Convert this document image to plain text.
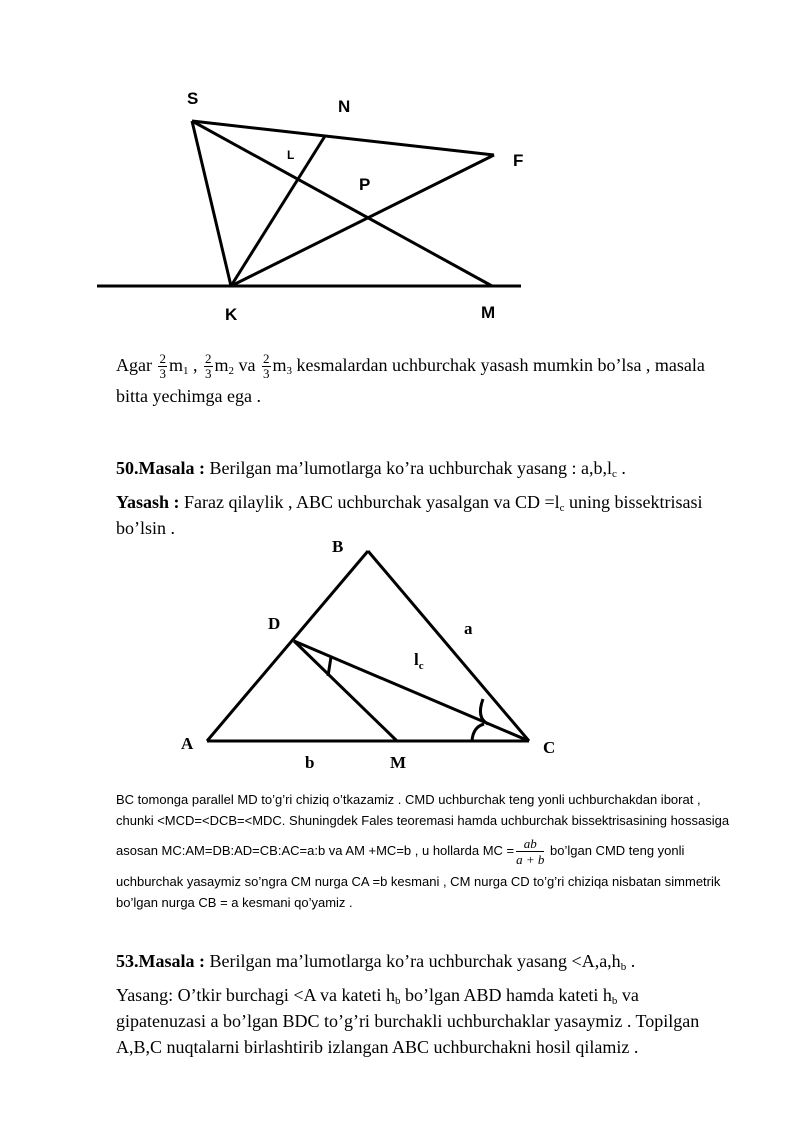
S	N
L	F
P
K	M
Agar $\frac{2}{3} m_1$ , $\frac{2}{3} m_2$ va $\frac{2}{3} m_3$ kesmalardan uchburchak yasash mumkin bo’lsa , masala
bitta yechimga ega .
50.Masala : Berilgan ma’lumotlarga ko’ra uchburchak yasang : $a,b,l_c$ .
Yasash : Faraz qilaylik , ABC uchburchak yasalgan va CD $=l_c$ uning bissektrisasi
bo’lsin .
B
D	a
$l_c$
A	C
b	M
BC tomonga parallel MD to’g’ri chiziq o’tkazamiz . CMD uchburchak teng yonli uchburchakdan iborat ,
chunki <MCD=<DCB=<MDC. Shuningdek Fales teoremasi hamda uchburchak bissektrisasining hossasiga
asosan MC:AM=DB:AD=CB:AC=a:b va AM +MC=b , u hollarda MC = $\frac{ab}{a + b}$ bo’lgan CMD teng yonli
uchburchak yasaymiz so’ngra CM nurga CA =b kesmani , CM nurga CD to’g’ri chiziqa nisbatan simmetrik
bo’lgan nurga CB = a kesmani qo’yamiz .
53.Masala : Berilgan ma’lumotlarga ko’ra uchburchak yasang $<A,a,h_b$ .
Yasang: O’tkir burchagi <A va kateti $h_b$ bo’lgan ABD hamda kateti $h_b$ va
gipatenuzasi a bo’lgan BDC to’g’ri burchakli uchburchaklar yasaymiz . Topilgan
A,B,C nuqtalarni birlashtirib izlangan ABC uchburchakni hosil qilamiz .
